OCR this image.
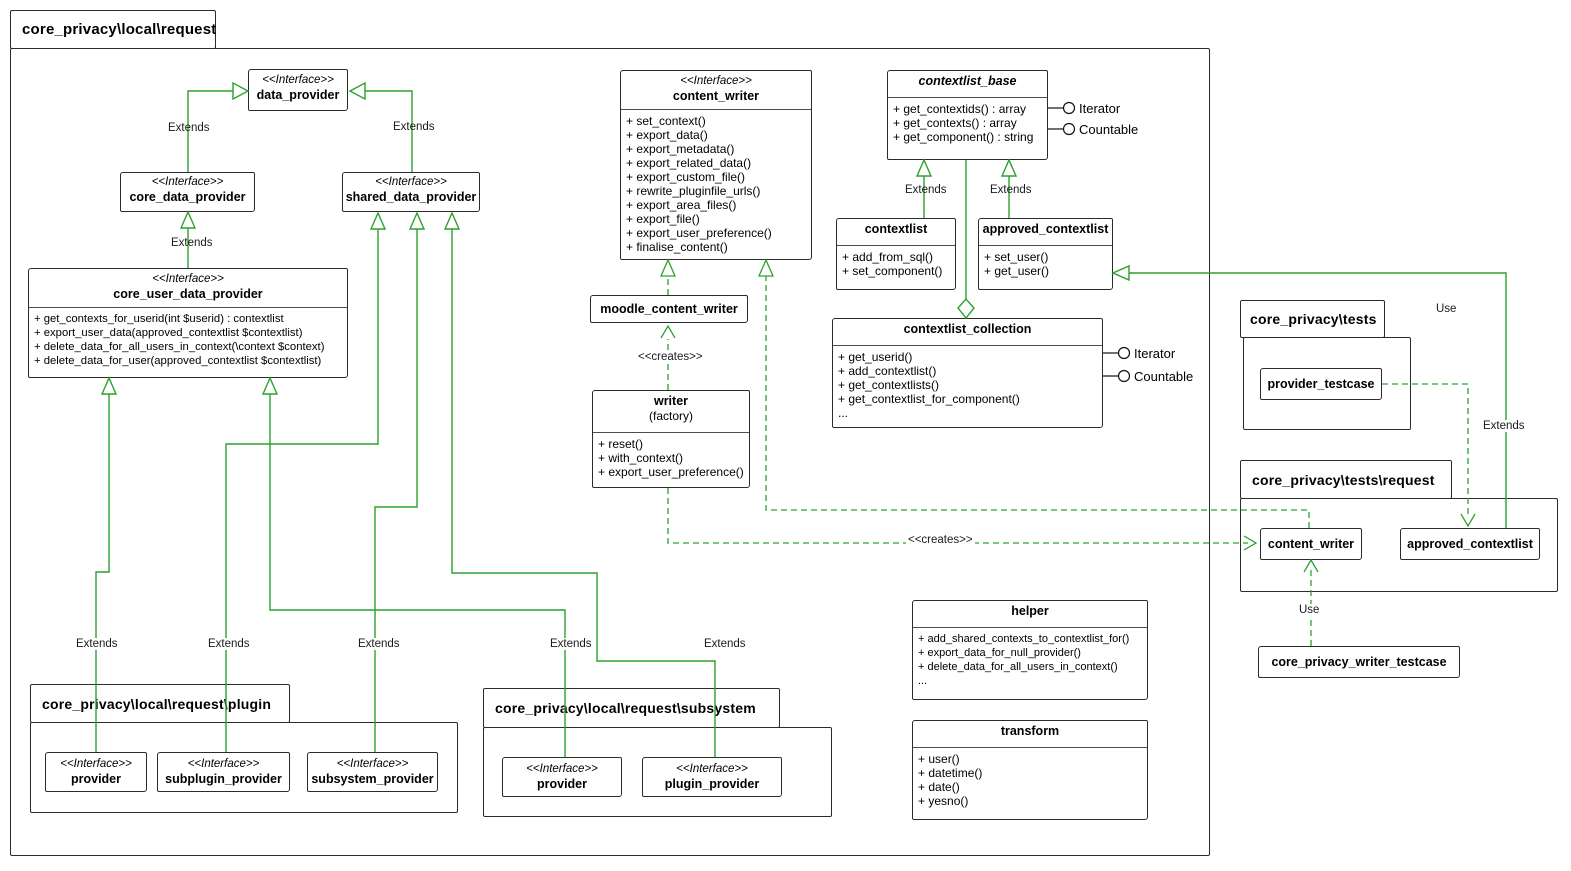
core_privacy\local\request
core_privacy\local\request\plugin	core_privacy\local\request\subsystem
core_privacy\tests
core_privacy\tests\request
<<Interface>>
data_provider
<<Interface>>
core_data_provider
<<Interface>>
shared_data_provider
<<Interface>>
core_user_data_provider
+ get_contexts_for_userid(int $userid) : contextlist
+ export_user_data(approved_contextlist $contextlist)
+ delete_data_for_all_users_in_context(\context $context)
+ delete_data_for_user(approved_contextlist $contextlist)
<<Interface>>
content_writer
+ set_context()
+ export_data()
+ export_metadata()
+ export_related_data()
+ export_custom_file()
+ rewrite_pluginfile_urls()
+ export_area_files()
+ export_file()
+ export_user_preference()
+ finalise_content()
moodle_content_writer
writer
(factory)
+ reset()
+ with_context()
+ export_user_preference()
contextlist_base
+ get_contextids() : array
+ get_contexts() : array
+ get_component() : string
contextlist
+ add_from_sql()
+ set_component()
approved_contextlist
+ set_user()
+ get_user()
contextlist_collection
+ get_userid()
+ add_contextlist()
+ get_contextlists()
+ get_contextlist_for_component()
...
helper
+ add_shared_contexts_to_contextlist_for()
+ export_data_for_null_provider()
+ delete_data_for_all_users_in_context()
...
transform
+ user()
+ datetime()
+ date()
+ yesno()
provider_testcase
content_writer	approved_contextlist
core_privacy_writer_testcase
<<Interface>>
provider
<<Interface>>
subplugin_provider
<<Interface>>
subsystem_provider
<<Interface>>
provider
<<Interface>>
plugin_provider
Extends	Extends
Extends
Extends	Extends
Extends	Extends	Extends	Extends	Extends
Use
Extends
Use
<<creates>>
<<creates>>
Iterator
Countable
Iterator
Countable
